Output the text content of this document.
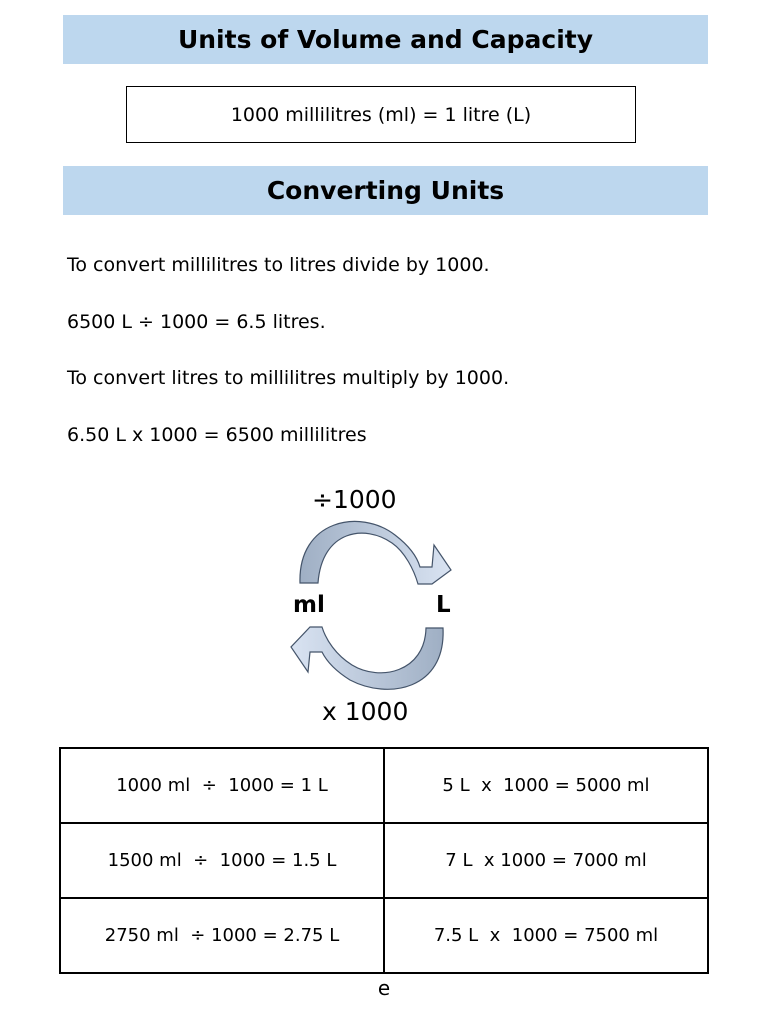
Units of Volume and Capacity
1000 millilitres (ml) = 1 litre (L)
Converting Units
To convert millilitres to litres divide by 1000.
6500 L ÷ 1000 = 6.5 litres.
To convert litres to millilitres multiply by 1000.
6.50 L x 1000 = 6500 millilitres
÷1000
x 1000
ml	L
1000 ml  ÷  1000 = 1 L	5 L  x  1000 = 5000 ml
1500 ml  ÷  1000 = 1.5 L	7 L  x 1000 = 7000 ml
2750 ml  ÷ 1000 = 2.75 L	7.5 L  x  1000 = 7500 ml
e
